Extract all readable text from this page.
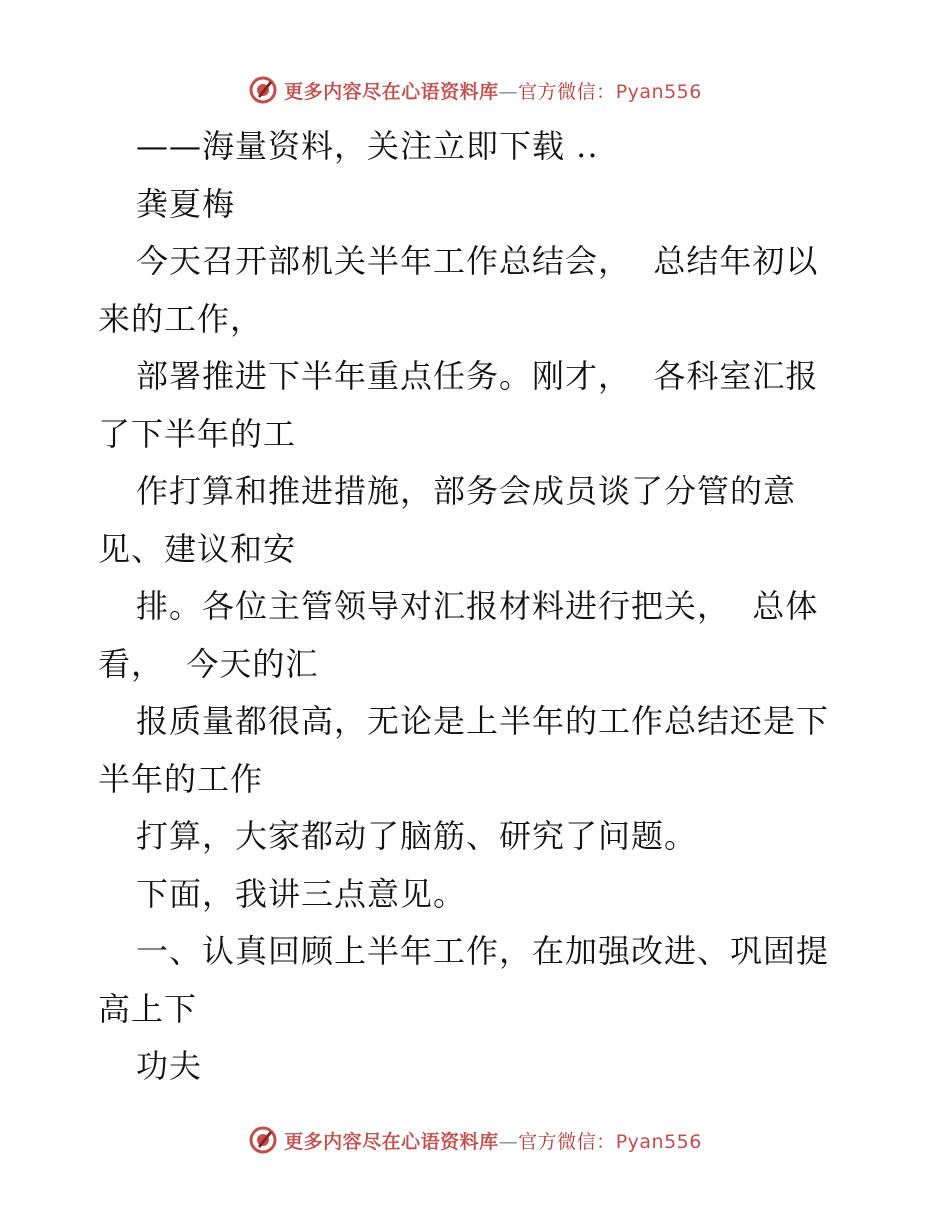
更多内容尽在心语资料库—官方微信：Pyan556
——海量资料，关注立即下载 ..
龚夏梅
今天召开部机关半年工作总结会，  总结年初以
来的工作，
部署推进下半年重点任务。刚才，  各科室汇报
了下半年的工
作打算和推进措施，部务会成员谈了分管的意
见、建议和安
排。各位主管领导对汇报材料进行把关，  总体
看，  今天的汇
报质量都很高，无论是上半年的工作总结还是下
半年的工作
打算，大家都动了脑筋、研究了问题。
下面，我讲三点意见。
一、认真回顾上半年工作，在加强改进、巩固提
高上下
功夫
更多内容尽在心语资料库—官方微信：Pyan556
